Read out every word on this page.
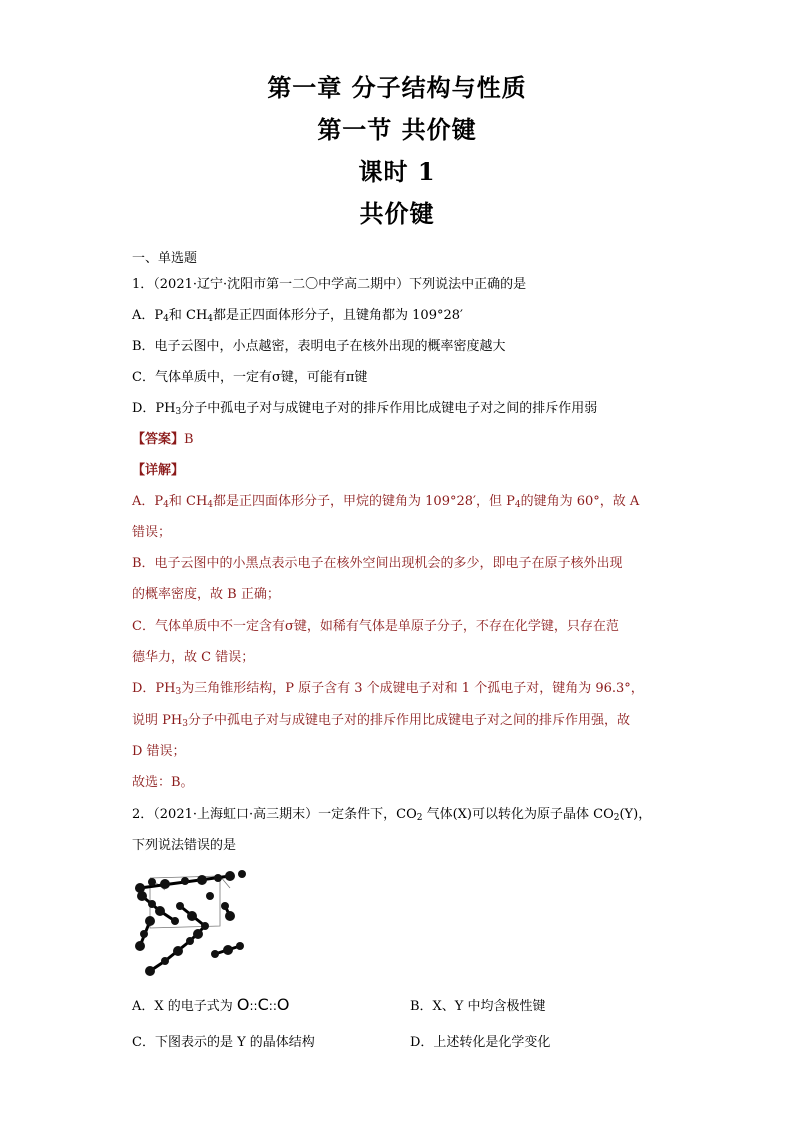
第一章 分子结构与性质
第一节 共价键
课时 1
共价键
一、单选题
1．（2021·辽宁·沈阳市第一二〇中学高二期中）下列说法中正确的是
A．$P_4$和 $CH_4$都是正四面体形分子，且键角都为 109°28′
B．电子云图中，小点越密，表明电子在核外出现的概率密度越大
C．气体单质中，一定有σ键，可能有π键
D．$PH_3$分子中孤电子对与成键电子对的排斥作用比成键电子对之间的排斥作用弱
【答案】B
【详解】
A．$P_4$和 $CH_4$都是正四面体形分子，甲烷的键角为 109°28′，但 $P_4$的键角为 60°，故 A
错误；
B．电子云图中的小黑点表示电子在核外空间出现机会的多少，即电子在原子核外出现
的概率密度，故 B 正确；
C．气体单质中不一定含有σ键，如稀有气体是单原子分子，不存在化学键，只存在范
德华力，故 C 错误；
D．$PH_3$为三角锥形结构，P 原子含有 3 个成键电子对和 1 个孤电子对，键角为 96.3°，
说明 $PH_3$分子中孤电子对与成键电子对的排斥作用比成键电子对之间的排斥作用强，故
D 错误；
故选：B。
2．（2021·上海虹口·高三期末）一定条件下，$CO_2$ 气体(X)可以转化为原子晶体 $CO_2(Y)$，
下列说法错误的是
A．X 的电子式为 O::C::O	B．X、Y 中均含极性键
C．下图表示的是 Y 的晶体结构	D．上述转化是化学变化
